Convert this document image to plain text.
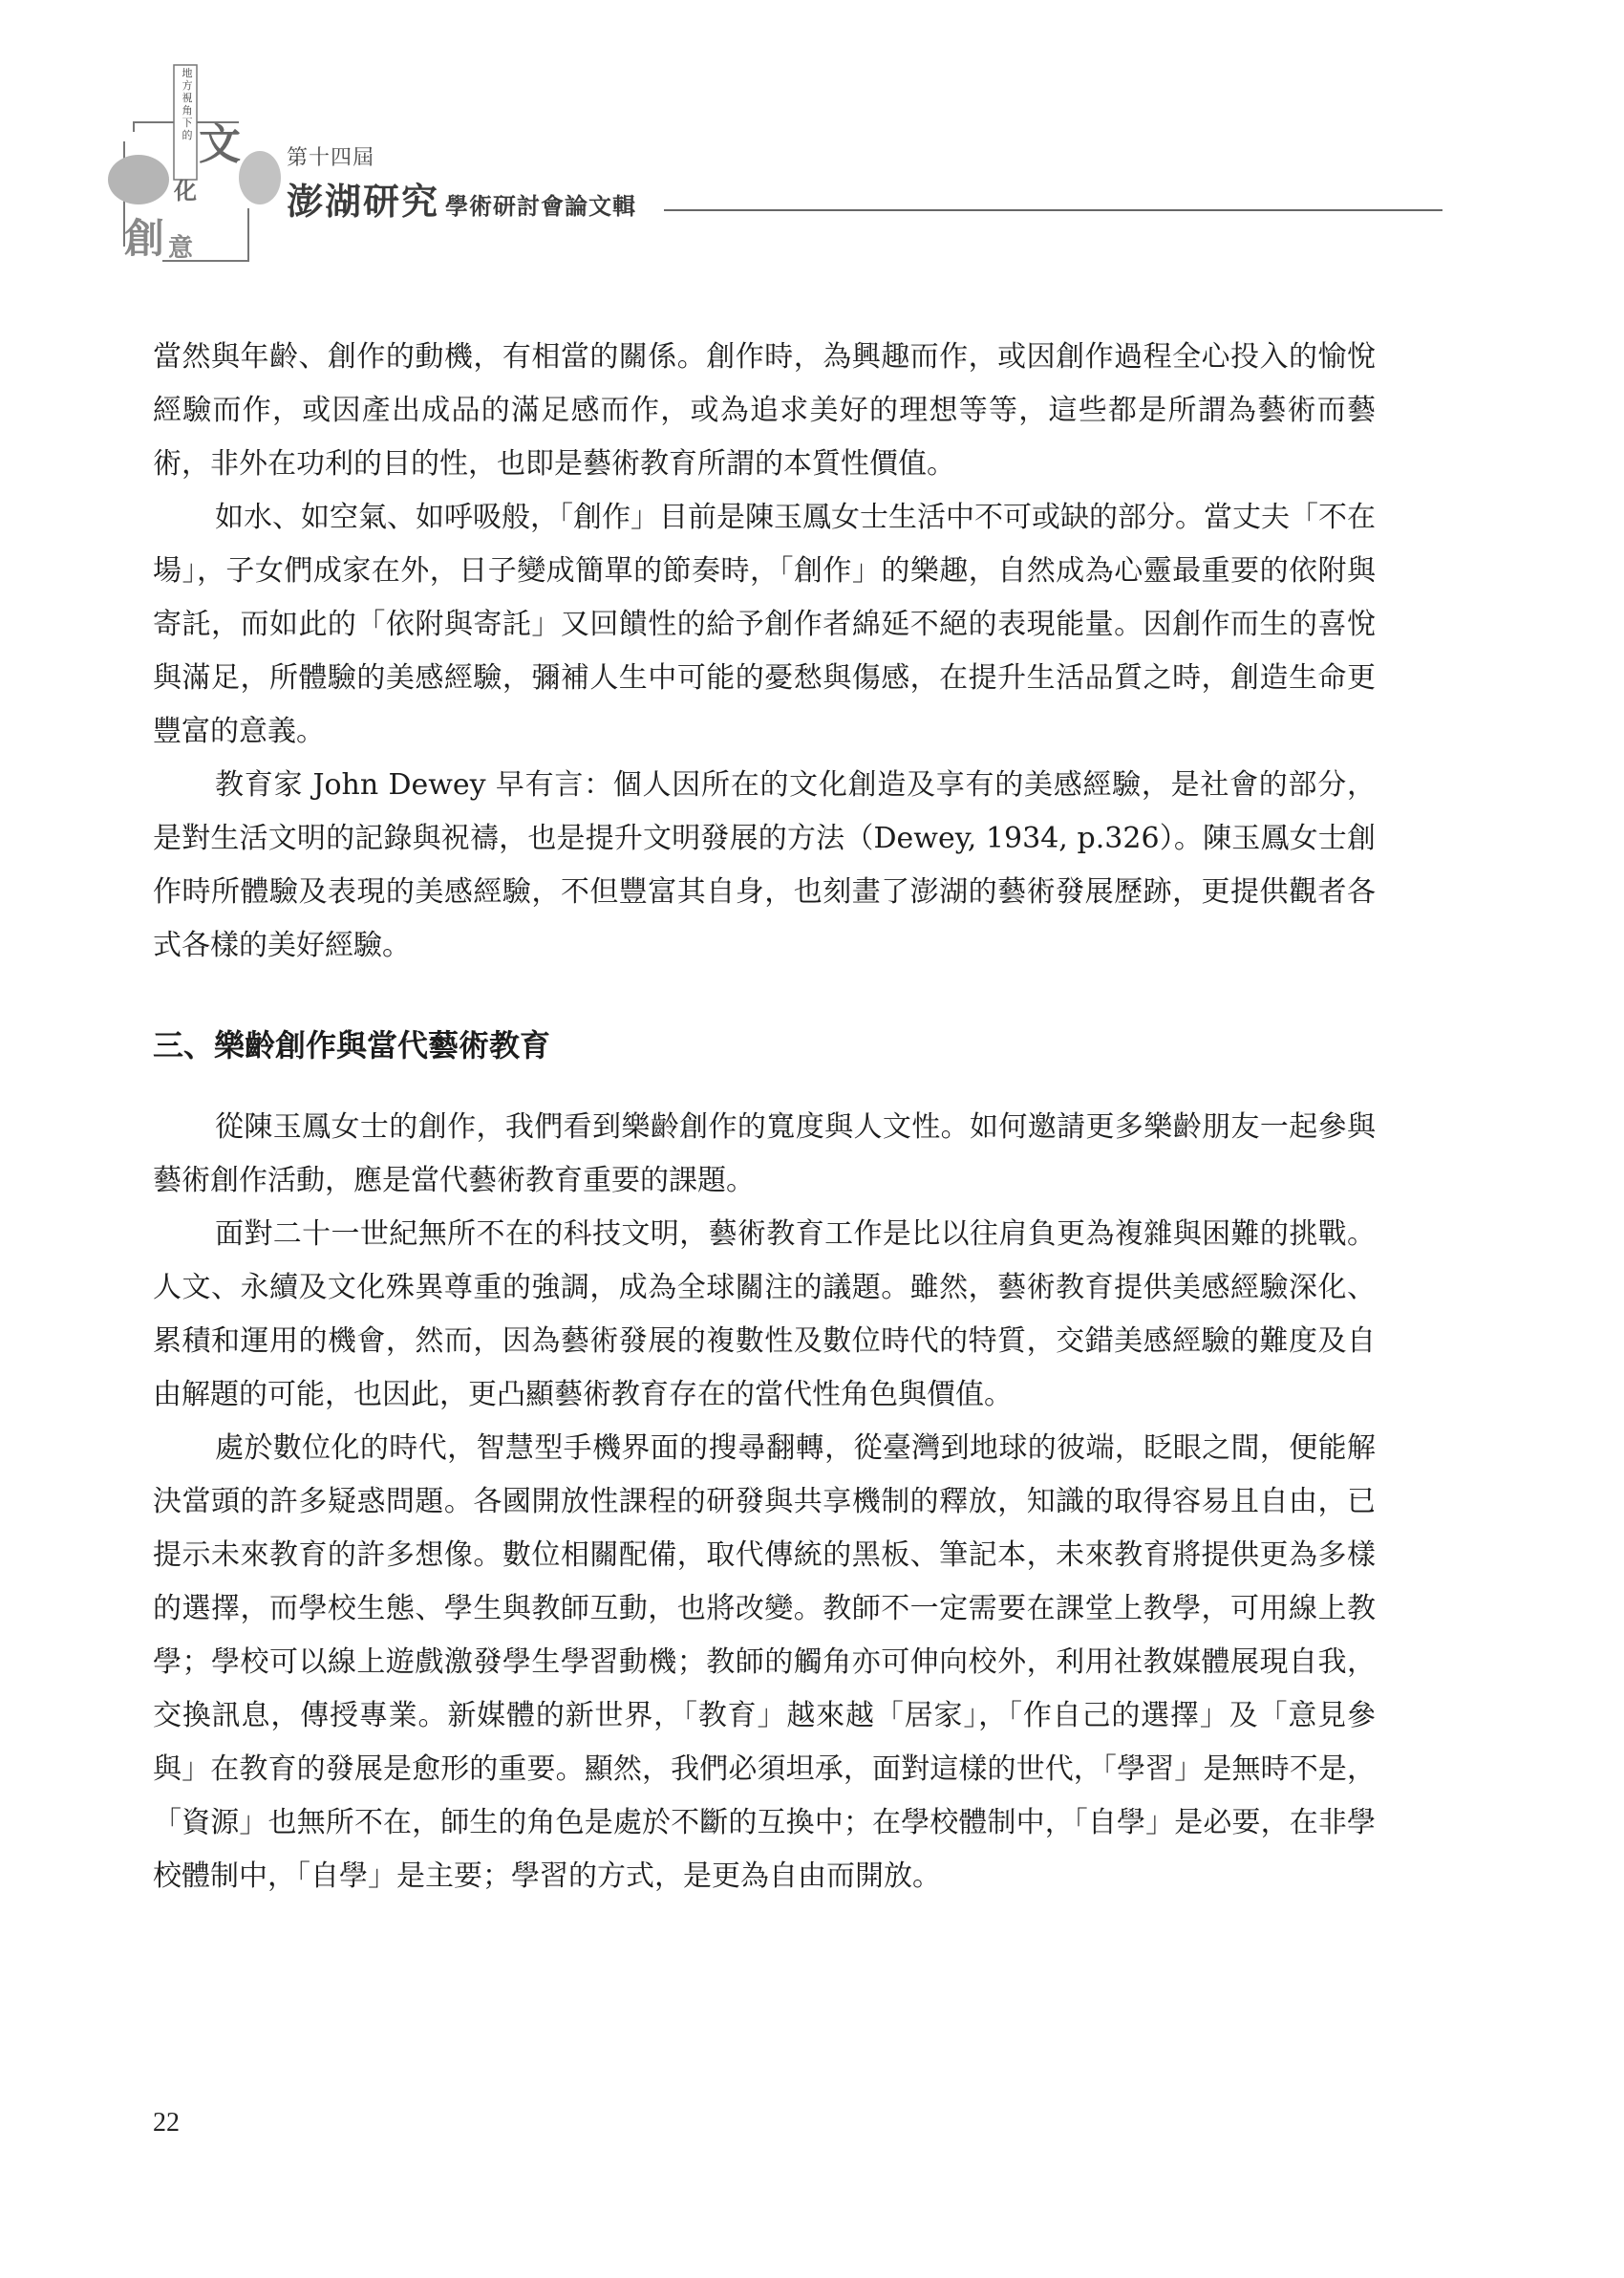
文
化
創 意
地方視角下的
第十四屆
澎湖研究 學術研討會論文輯

當然與年齡、創作的動機，有相當的關係。創作時，為興趣而作，或因創作過程全心投入的愉悅經驗而作，或因產出成品的滿足感而作，或為追求美好的理想等等，這些都是所謂為藝術而藝術，非外在功利的目的性，也即是藝術教育所謂的本質性價值。

如水、如空氣、如呼吸般，「創作」目前是陳玉鳳女士生活中不可或缺的部分。當丈夫「不在場」，子女們成家在外，日子變成簡單的節奏時，「創作」的樂趣，自然成為心靈最重要的依附與寄託，而如此的「依附與寄託」又回饋性的給予創作者綿延不絕的表現能量。因創作而生的喜悅與滿足，所體驗的美感經驗，彌補人生中可能的憂愁與傷感，在提升生活品質之時，創造生命更豐富的意義。

教育家 John Dewey 早有言：個人因所在的文化創造及享有的美感經驗，是社會的部分，是對生活文明的記錄與祝禱，也是提升文明發展的方法（Dewey, 1934, p.326）。陳玉鳳女士創作時所體驗及表現的美感經驗，不但豐富其自身，也刻畫了澎湖的藝術發展歷跡，更提供觀者各式各樣的美好經驗。

三、樂齡創作與當代藝術教育

從陳玉鳳女士的創作，我們看到樂齡創作的寬度與人文性。如何邀請更多樂齡朋友一起參與藝術創作活動，應是當代藝術教育重要的課題。

面對二十一世紀無所不在的科技文明，藝術教育工作是比以往肩負更為複雜與困難的挑戰。人文、永續及文化殊異尊重的強調，成為全球關注的議題。雖然，藝術教育提供美感經驗深化、累積和運用的機會，然而，因為藝術發展的複數性及數位時代的特質，交錯美感經驗的難度及自由解題的可能，也因此，更凸顯藝術教育存在的當代性角色與價值。

處於數位化的時代，智慧型手機界面的搜尋翻轉，從臺灣到地球的彼端，眨眼之間，便能解決當頭的許多疑惑問題。各國開放性課程的研發與共享機制的釋放，知識的取得容易且自由，已提示未來教育的許多想像。數位相關配備，取代傳統的黑板、筆記本，未來教育將提供更為多樣的選擇，而學校生態、學生與教師互動，也將改變。教師不一定需要在課堂上教學，可用線上教學；學校可以線上遊戲激發學生學習動機；教師的觸角亦可伸向校外，利用社教媒體展現自我，交換訊息，傳授專業。新媒體的新世界，「教育」越來越「居家」，「作自己的選擇」及「意見參與」在教育的發展是愈形的重要。顯然，我們必須坦承，面對這樣的世代，「學習」是無時不是，「資源」也無所不在，師生的角色是處於不斷的互換中；在學校體制中，「自學」是必要，在非學校體制中，「自學」是主要；學習的方式，是更為自由而開放。

22
